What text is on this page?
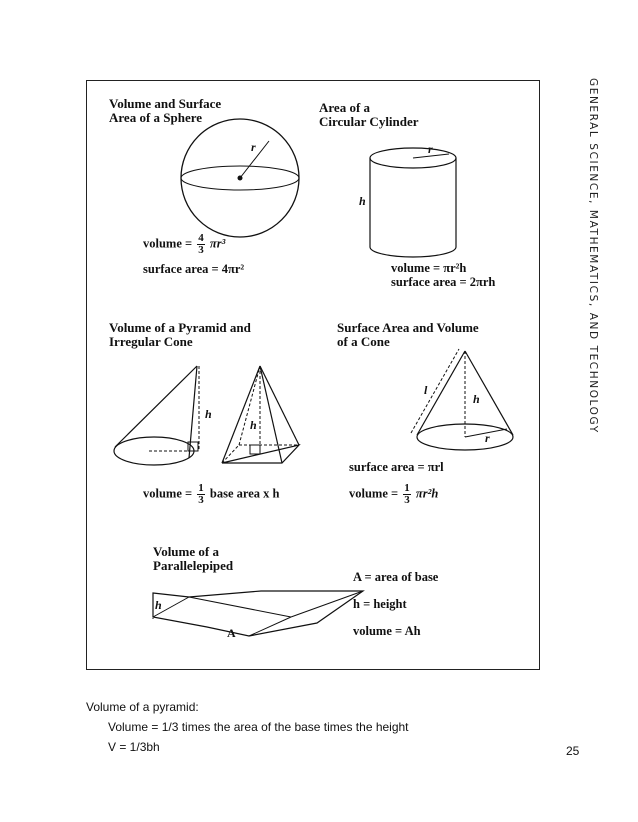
GENERAL SCIENCE, MATHEMATICS, AND TECHNOLOGY
Volume and Surface
Area of a Sphere
r	r
h
h
h
l
h
r
h
A
volume = $\frac{4}{3} \pi r^3$
surface area = 4πr²
Area of a
Circular Cylinder
volume = πr²h
surface area = 2πrh
Volume of a Pyramid and
Irregular Cone
volume = $\frac{1}{3}$ base area x h
Surface Area and Volume
of a Cone
surface area = πrl
volume = $\frac{1}{3} \pi r^2h$
Volume of a
Parallelepiped
A = area of base
h = height
volume = Ah
Volume of a pyramid:
Volume = 1/3 times the area of the base times the height
V = 1/3bh	25
